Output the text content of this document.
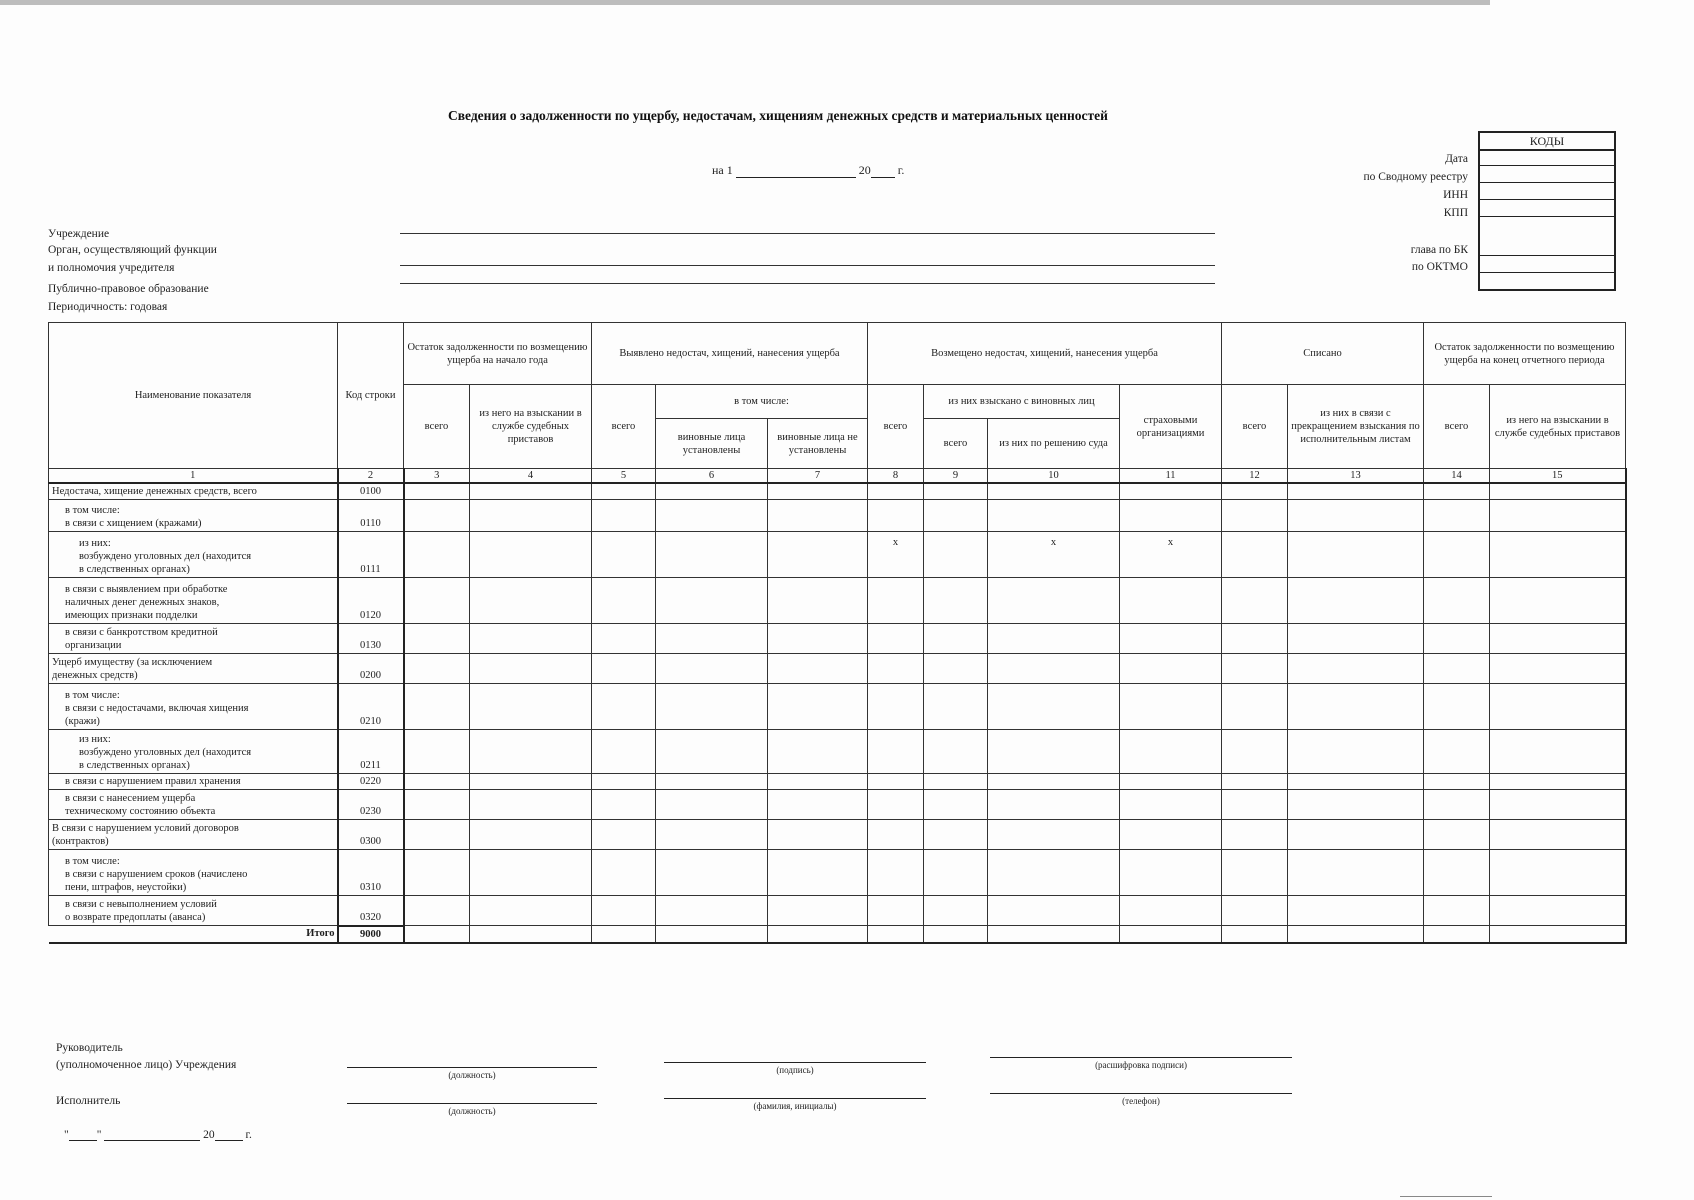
Сведения о задолженности по ущербу, недостачам, хищениям денежных средств и материальных ценностей
на 1	20 г.
КОДЫ
Дата
по Сводному реестру
ИНН
КПП
глава по БК
по ОКТМО
Учреждение
Орган, осуществляющий функции
и полномочия учредителя
Публично-правовое образование
Периодичность: годовая
Наименование показателя	Код строки	Остаток задолженности по возмещению ущерба на начало года		Выявлено недостач, хищений, нанесения ущерба			Возмещено недостач, хищений, нанесения ущерба				Списано		Остаток задолженности по возмещению ущерба на конец отчетного периода	
		всего	из него на взыскании в службе судебных приставов	всего	в том числе:		всего	из них взыскано с виновных лиц		страховыми организациями	всего	из них в связи с прекращением взыскания по исполнительным листам	всего	из него на взыскании в службе судебных приставов
					виновные лица установлены	виновные лица не установлены		всего	из них по решению суда					
1	2	3	4	5	6	7	8	9	10	11	12	13	14	15
Недостача, хищение денежных средств, всего	0100													
в том числе:
в связи с хищением (кражами)	0110													
из них:
возбуждено уголовных дел (находится
в следственных органах)	0111						x		x	x				
в связи с выявлением при обработке
наличных денег денежных знаков,
имеющих признаки подделки	0120													
в связи с банкротством кредитной
организации	0130													
Ущерб имуществу (за исключением
денежных средств)	0200													
в том числе:
в связи с недостачами, включая хищения
(кражи)	0210													
из них:
возбуждено уголовных дел (находится
в следственных органах)	0211													
в связи с нарушением правил хранения	0220													
в связи с нанесением ущерба
техническому состоянию объекта	0230													
В связи с нарушением условий договоров
(контрактов)	0300													
в том числе:
в связи с нарушением сроков (начислено
пени, штрафов, неустойки)	0310													
в связи с невыполнением условий
о возврате предоплаты (аванса)	0320													
Итого	9000													
Руководитель
(уполномоченное лицо) Учреждения
(должность)	(подпись)	(расшифровка подписи)
Исполнитель
(должность)	(фамилия, инициалы)	(телефон)
" "	20	г.
